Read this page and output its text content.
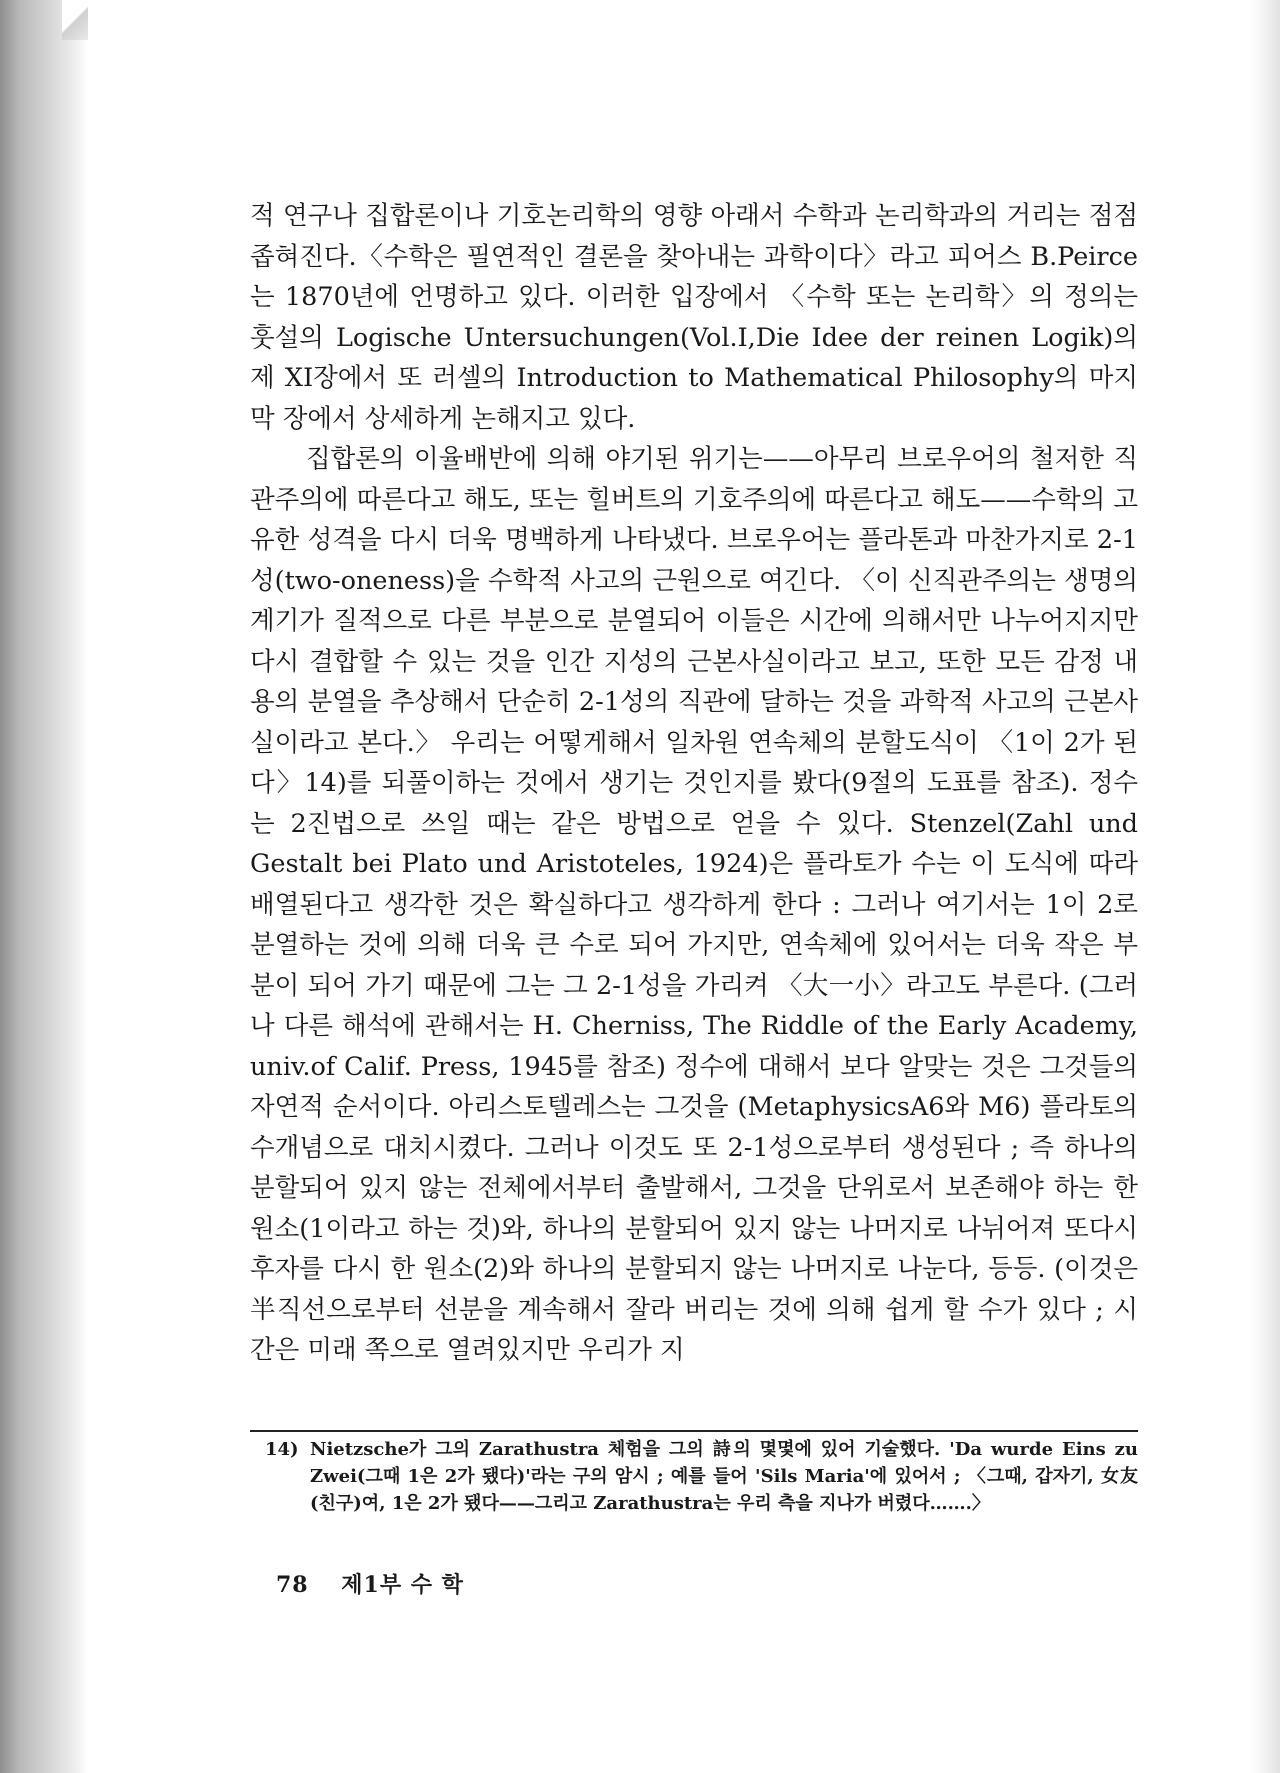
적 연구나 집합론이나 기호논리학의 영향 아래서 수학과 논리학과의 거리는 점점 좁혀진다.〈수학은 필연적인 결론을 찾아내는 과학이다〉라고 피어스 B.Peirce는 1870년에 언명하고 있다. 이러한 입장에서 〈수학 또는 논리학〉의 정의는 훗설의 Logische Untersuchungen(Vol.I,Die Idee der reinen Logik)의 제 XI장에서 또 러셀의 Introduction to Mathematical Philosophy의 마지막 장에서 상세하게 논해지고 있다.

집합론의 이율배반에 의해 야기된 위기는——아무리 브로우어의 철저한 직관주의에 따른다고 해도, 또는 힐버트의 기호주의에 따른다고 해도——수학의 고유한 성격을 다시 더욱 명백하게 나타냈다. 브로우어는 플라톤과 마찬가지로 2-1성(two-oneness)을 수학적 사고의 근원으로 여긴다. 〈이 신직관주의는 생명의 계기가 질적으로 다른 부분으로 분열되어 이들은 시간에 의해서만 나누어지지만 다시 결합할 수 있는 것을 인간 지성의 근본사실이라고 보고, 또한 모든 감정 내용의 분열을 추상해서 단순히 2-1성의 직관에 달하는 것을 과학적 사고의 근본사실이라고 본다.〉 우리는 어떻게해서 일차원 연속체의 분할도식이 〈1이 2가 된다〉14)를 되풀이하는 것에서 생기는 것인지를 봤다(9절의 도표를 참조). 정수는 2진법으로 쓰일 때는 같은 방법으로 얻을 수 있다. Stenzel(Zahl und Gestalt bei Plato und Aristoteles, 1924)은 플라토가 수는 이 도식에 따라 배열된다고 생각한 것은 확실하다고 생각하게 한다 : 그러나 여기서는 1이 2로 분열하는 것에 의해 더욱 큰 수로 되어 가지만, 연속체에 있어서는 더욱 작은 부분이 되어 가기 때문에 그는 그 2-1성을 가리켜 〈大一小〉라고도 부른다. (그러나 다른 해석에 관해서는 H. Cherniss, The Riddle of the Early Academy, univ.of Calif. Press, 1945를 참조) 정수에 대해서 보다 알맞는 것은 그것들의 자연적 순서이다. 아리스토텔레스는 그것을 (MetaphysicsA6와 M6) 플라토의 수개념으로 대치시켰다. 그러나 이것도 또 2-1성으로부터 생성된다 ; 즉 하나의 분할되어 있지 않는 전체에서부터 출발해서, 그것을 단위로서 보존해야 하는 한 원소(1이라고 하는 것)와, 하나의 분할되어 있지 않는 나머지로 나뉘어져 또다시 후자를 다시 한 원소(2)와 하나의 분할되지 않는 나머지로 나눈다, 등등. (이것은 半직선으로부터 선분을 계속해서 잘라 버리는 것에 의해 쉽게 할 수가 있다 ; 시간은 미래 쪽으로 열려있지만 우리가 지

14) Nietzsche가 그의 Zarathustra 체험을 그의 詩의 몇몇에 있어 기술했다. 'Da wurde Eins zu Zwei(그때 1은 2가 됐다)'라는 구의 암시 ; 예를 들어 'Sils Maria'에 있어서 ; 〈그때, 갑자기, 女友(친구)여, 1은 2가 됐다——그리고 Zarathustra는 우리 측을 지나가 버렸다…….〉
78 제1부 수 학
